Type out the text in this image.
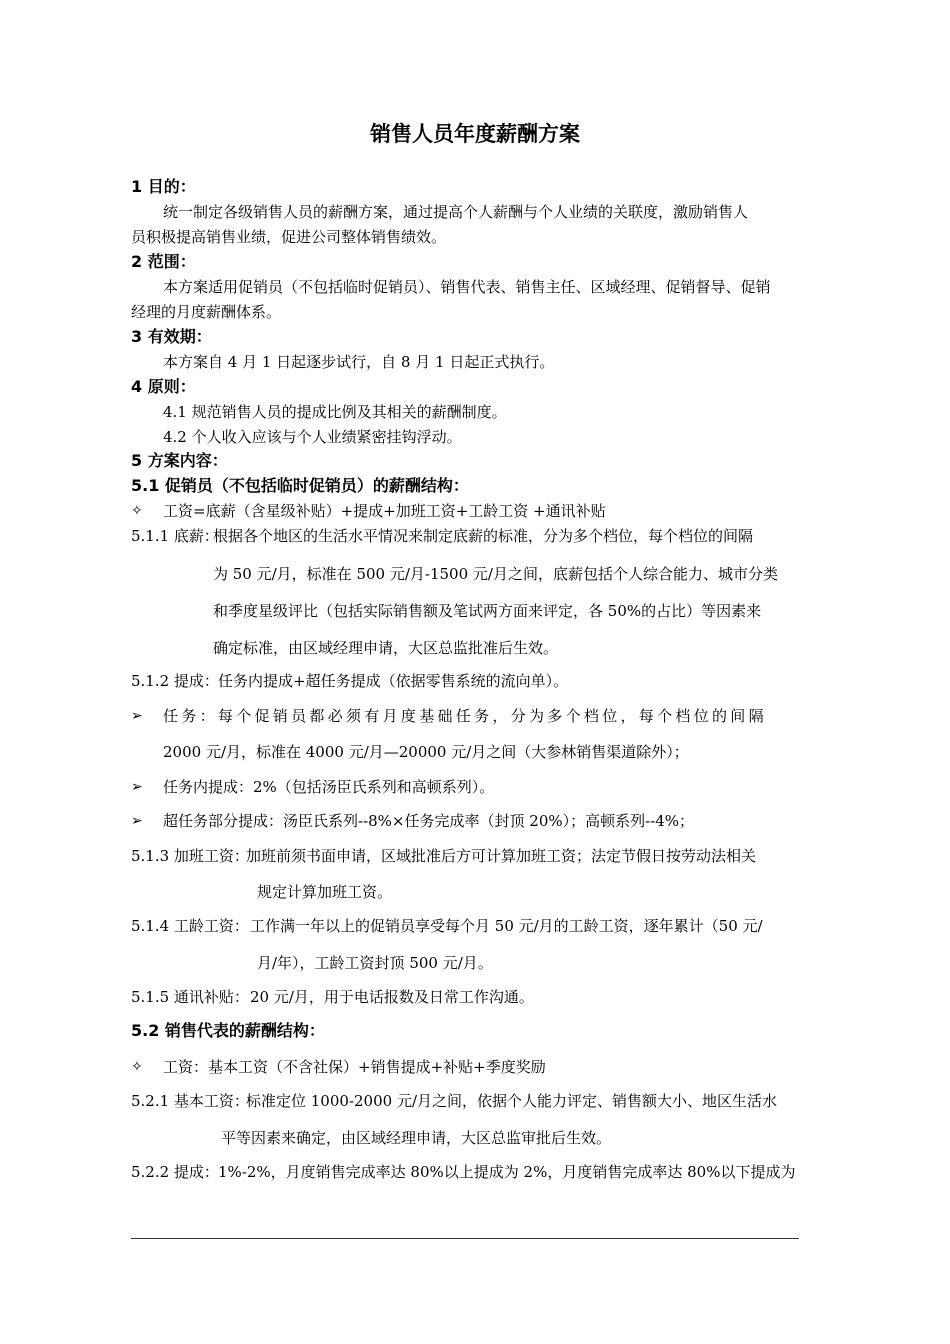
销售人员年度薪酬方案
1 目的：
统一制定各级销售人员的薪酬方案，通过提高个人薪酬与个人业绩的关联度，激励销售人
员积极提高销售业绩，促进公司整体销售绩效。
2 范围：
本方案适用促销员（不包括临时促销员）、销售代表、销售主任、区域经理、促销督导、促销
经理的月度薪酬体系。
3 有效期：
本方案自 4 月 1 日起逐步试行，自 8 月 1 日起正式执行。
4 原则：
4.1 规范销售人员的提成比例及其相关的薪酬制度。
4.2 个人收入应该与个人业绩紧密挂钩浮动。
5 方案内容：
5.1 促销员（不包括临时促销员）的薪酬结构：
✧ 工资=底薪（含星级补贴）+提成+加班工资+工龄工资 +通讯补贴
5.1.1 底薪：
根据各个地区的生活水平情况来制定底薪的标准，分为多个档位，每个档位的间隔
为 50 元/月，标准在 500 元/月-1500 元/月之间，底薪包括个人综合能力、城市分类
和季度星级评比（包括实际销售额及笔试两方面来评定，各 50%的占比）等因素来
确定标准，由区域经理申请，大区总监批准后生效。
5.1.2 提成： 任务内提成+超任务提成（依据零售系统的流向单）。
➢ 任务：每个促销员都必须有月度基础任务，分为多个档位，每个档位的间隔
2000 元/月，标准在 4000 元/月—20000 元/月之间（大参林销售渠道除外）；
➢ 任务内提成：2%（包括汤臣氏系列和高顿系列）。
➢ 超任务部分提成：汤臣氏系列--8%×任务完成率（封顶 20%）；高顿系列--4%；
5.1.3 加班工资：
加班前须书面申请，区域批准后方可计算加班工资；法定节假日按劳动法相关
规定计算加班工资。
5.1.4 工龄工资： 工作满一年以上的促销员享受每个月 50 元/月的工龄工资，逐年累计（50 元/
月/年），工龄工资封顶 500 元/月。
5.1.5 通讯补贴： 20 元/月，用于电话报数及日常工作沟通。
5.2 销售代表的薪酬结构：
✧ 工资：基本工资（不含社保）+销售提成+补贴+季度奖励
5.2.1 基本工资：
标准定位 1000-2000 元/月之间，依据个人能力评定、销售额大小、地区生活水
平等因素来确定，由区域经理申请，大区总监审批后生效。
5.2.2 提成： 1%-2%，月度销售完成率达 80%以上提成为 2%，月度销售完成率达 80%以下提成为
